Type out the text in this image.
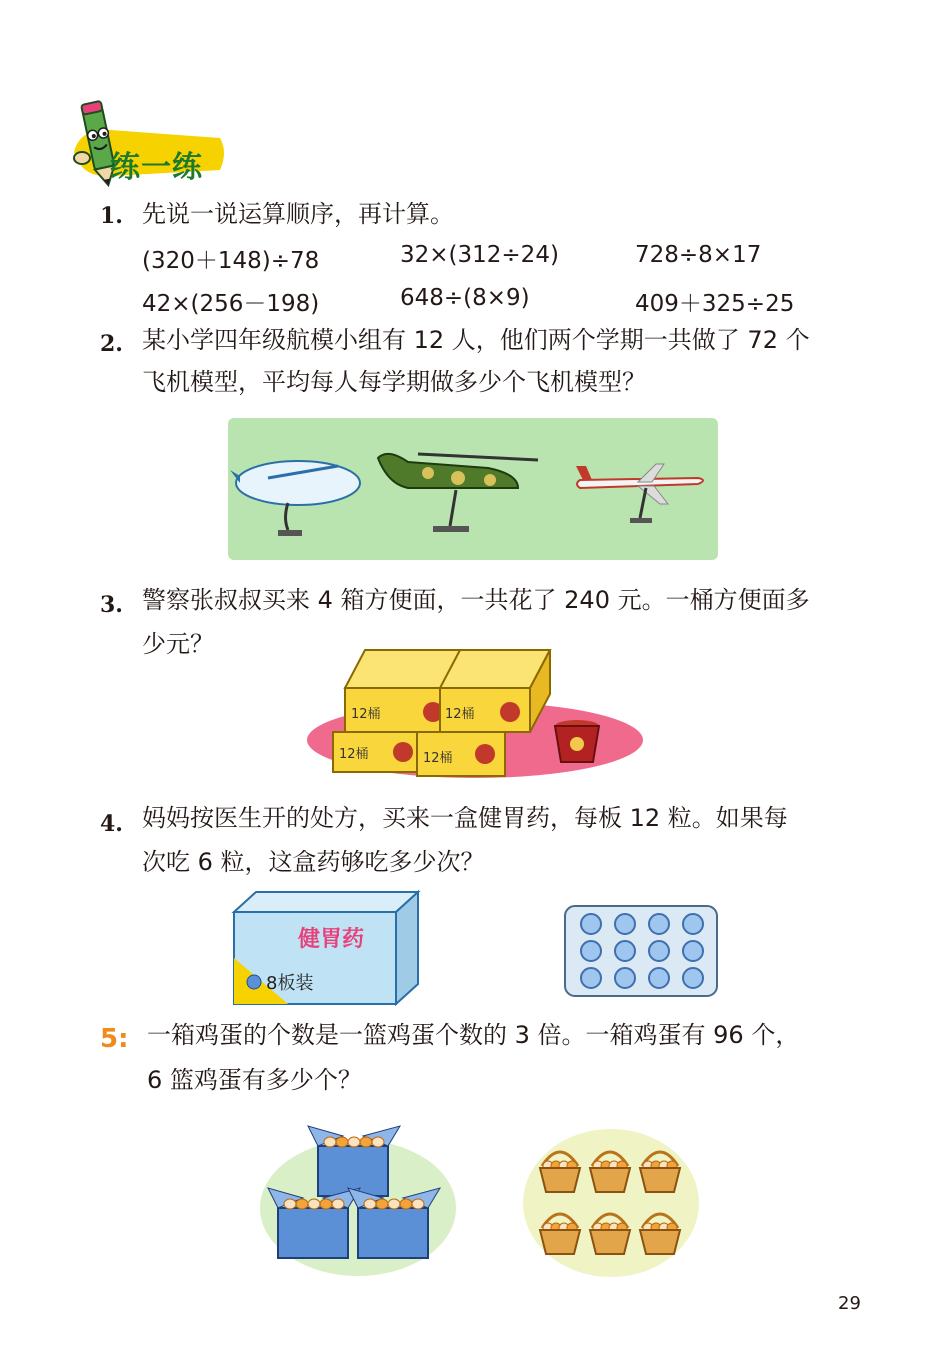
练一练
1. 先说一说运算顺序，再计算。
(320＋148)÷78	32×(312÷24)	728÷8×17
42×(256－198)	648÷(8×9)	409＋325÷25
2. 某小学四年级航模小组有 12 人，他们两个学期一共做了 72 个
飞机模型，平均每人每学期做多少个飞机模型？
3. 警察张叔叔买来 4 箱方便面，一共花了 240 元。一桶方便面多
少元？
12桶	12桶
12桶	12桶
4. 妈妈按医生开的处方，买来一盒健胃药，每板 12 粒。如果每
次吃 6 粒，这盒药够吃多少次？
健胃药
8板装
5: 一箱鸡蛋的个数是一篮鸡蛋个数的 3 倍。一箱鸡蛋有 96 个，
6 篮鸡蛋有多少个？
29
